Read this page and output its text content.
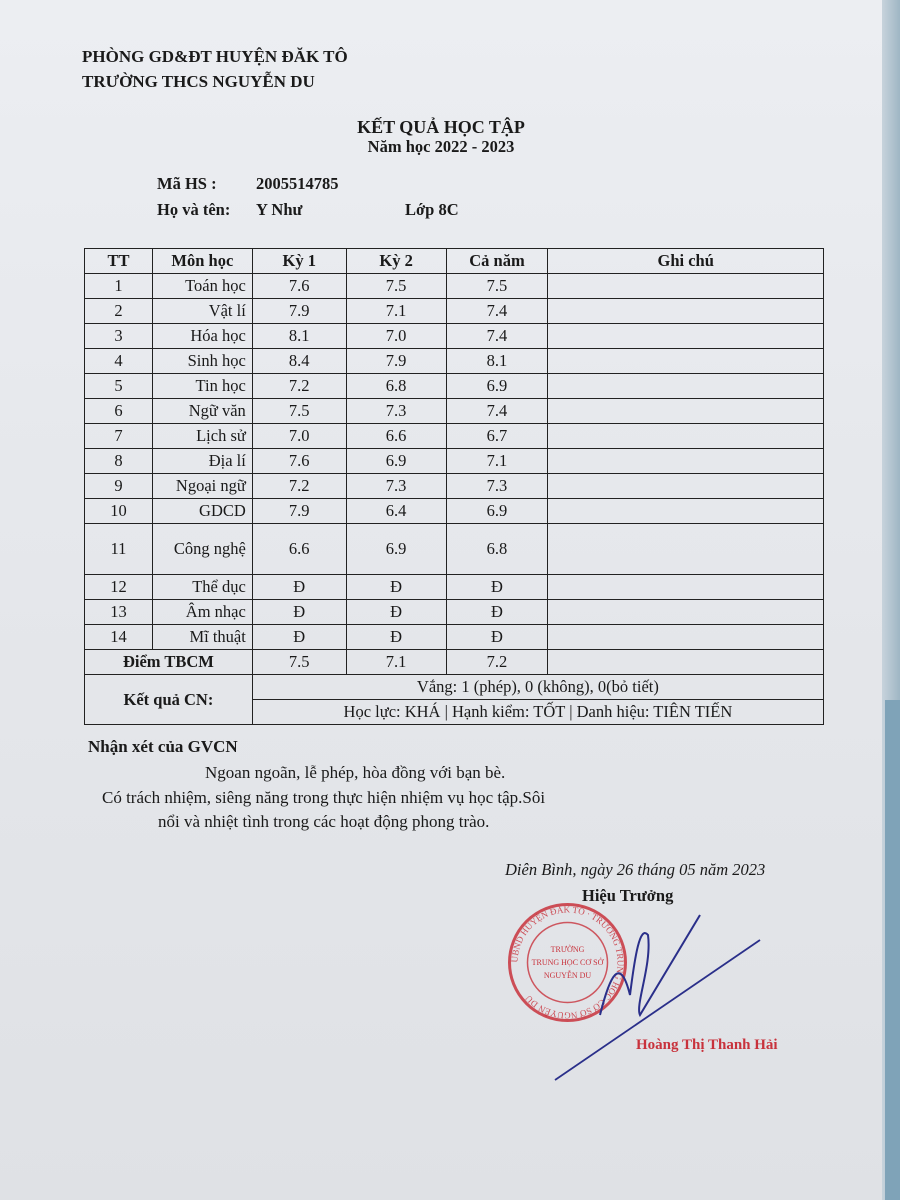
PHÒNG GD&ĐT HUYỆN ĐĂK TÔ
TRƯỜNG THCS NGUYỄN DU
KẾT QUẢ HỌC TẬP
Năm học 2022 - 2023
Mã HS : 2005514785
Họ và tên: Y Như	Lớp 8C
TT	Môn học	Kỳ 1	Kỳ 2	Cả năm	Ghi chú
1	Toán học	7.6	7.5	7.5	
2	Vật lí	7.9	7.1	7.4	
3	Hóa học	8.1	7.0	7.4	
4	Sinh học	8.4	7.9	8.1	
5	Tin học	7.2	6.8	6.9	
6	Ngữ văn	7.5	7.3	7.4	
7	Lịch sử	7.0	6.6	6.7	
8	Địa lí	7.6	6.9	7.1	
9	Ngoại ngữ	7.2	7.3	7.3	
10	GDCD	7.9	6.4	6.9	
11	Công nghệ	6.6	6.9	6.8	
12	Thể dục	Đ	Đ	Đ	
13	Âm nhạc	Đ	Đ	Đ	
14	Mĩ thuật	Đ	Đ	Đ	
Điểm TBCM		7.5	7.1	7.2	
Kết quả CN:		Vắng: 1 (phép), 0 (không), 0(bỏ tiết)			
		Học lực: KHÁ | Hạnh kiểm: TỐT | Danh hiệu: TIÊN TIẾN			
Nhận xét của GVCN
Ngoan ngoãn, lễ phép, hòa đồng với bạn bè.
Có trách nhiệm, siêng năng trong thực hiện nhiệm vụ học tập.Sôi
nổi và nhiệt tình trong các hoạt động phong trào.
Diên Bình, ngày 26 tháng 05 năm 2023
Hiệu Trưởng
UBND HUYỆN ĐĂK TÔ · TRƯỜNG TRUNG HỌC CƠ SỞ NGUYỄN DU
TRƯỜNG
TRUNG HỌC CƠ SỞ
NGUYỄN DU
Hoàng Thị Thanh Hải
